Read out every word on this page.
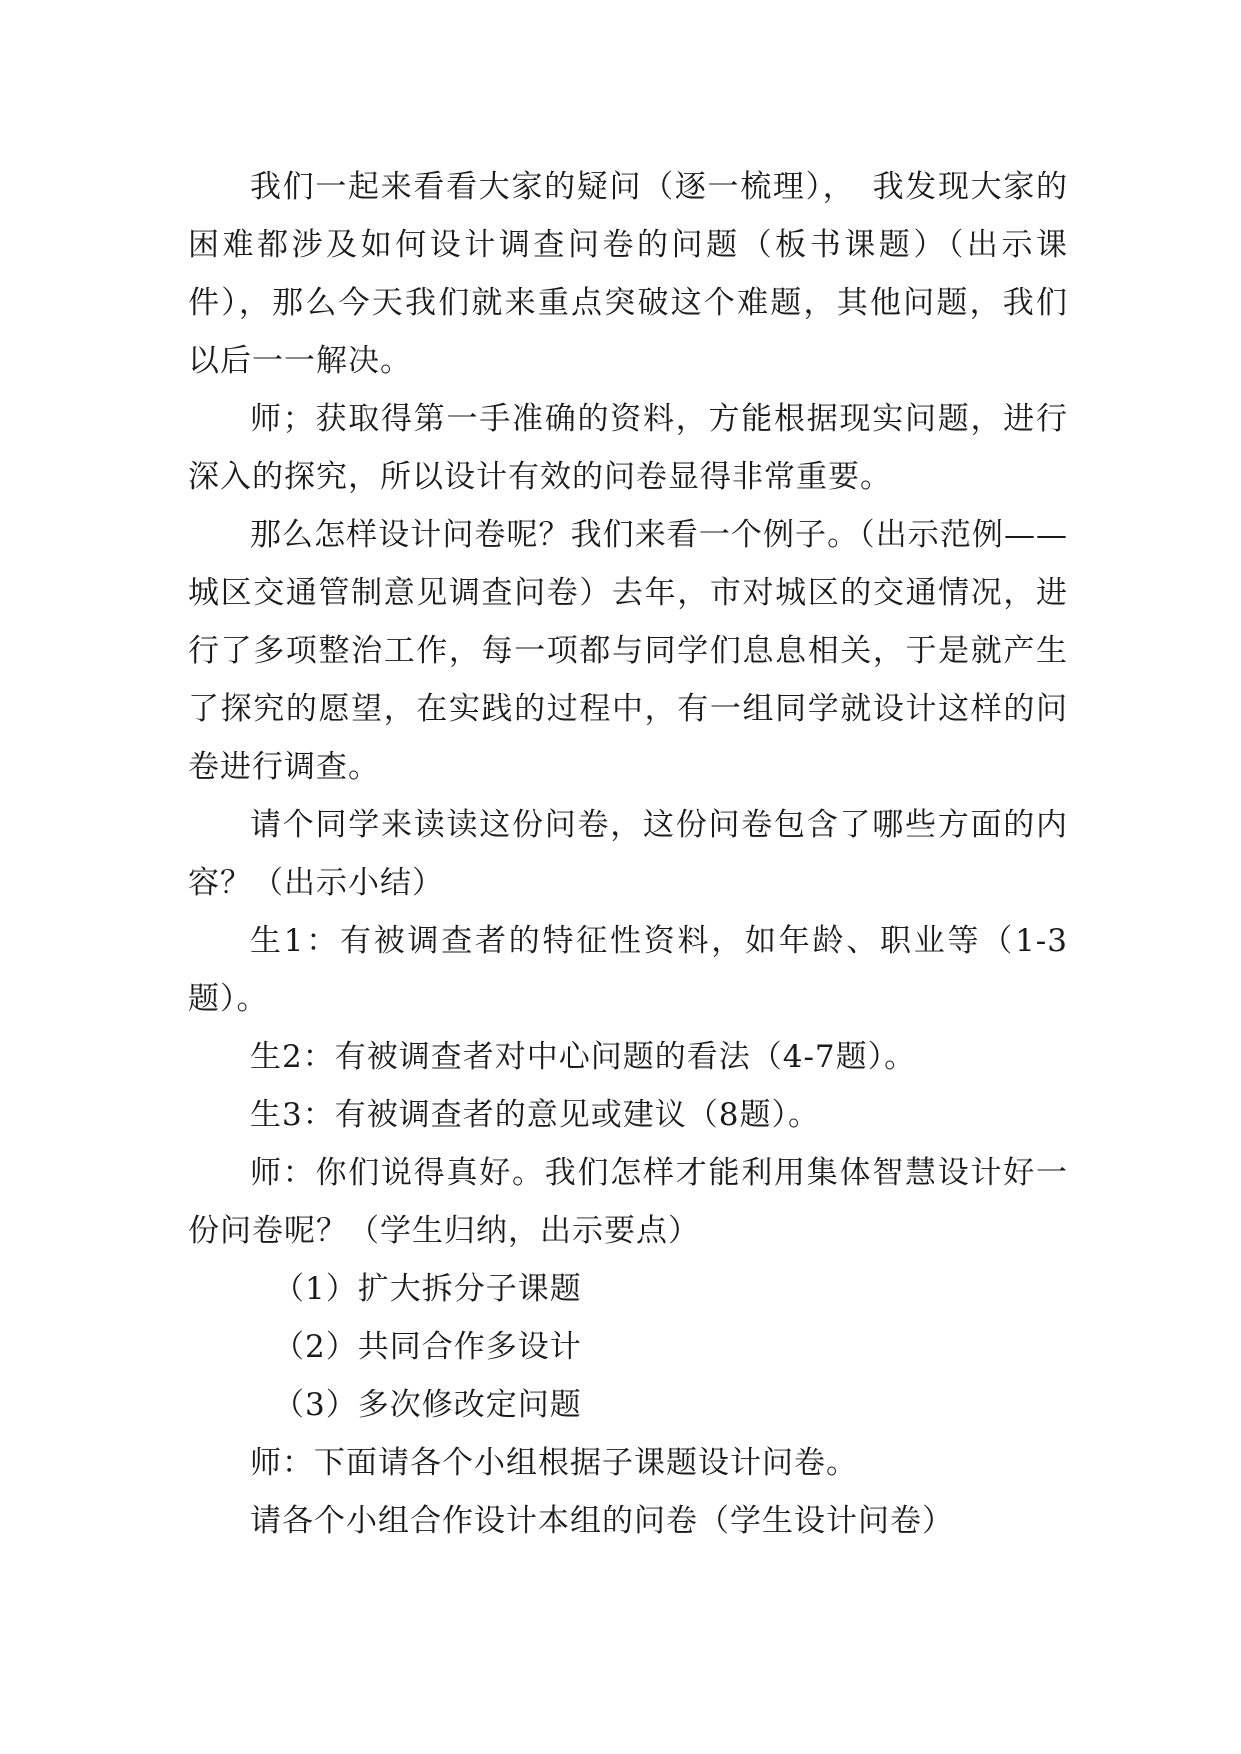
我们一起来看看大家的疑问（逐一梳理），　我发现大家的困难都涉及如何设计调查问卷的问题（板书课题）（出示课件），那么今天我们就来重点突破这个难题，其他问题，我们以后一一解决。

师；获取得第一手准确的资料，方能根据现实问题，进行深入的探究，所以设计有效的问卷显得非常重要。

那么怎样设计问卷呢？我们来看一个例子。（出示范例——城区交通管制意见调查问卷）去年，市对城区的交通情况，进行了多项整治工作，每一项都与同学们息息相关，于是就产生了探究的愿望，在实践的过程中，有一组同学就设计这样的问卷进行调查。

请个同学来读读这份问卷，这份问卷包含了哪些方面的内容？（出示小结）

生1：有被调查者的特征性资料，如年龄、职业等（1-3题）。

生2：有被调查者对中心问题的看法（4-7题）。

生3：有被调查者的意见或建议（8题）。

师：你们说得真好。我们怎样才能利用集体智慧设计好一份问卷呢？（学生归纳，出示要点）

（1）扩大拆分子课题

（2）共同合作多设计

（3）多次修改定问题

师：下面请各个小组根据子课题设计问卷。

请各个小组合作设计本组的问卷（学生设计问卷）
